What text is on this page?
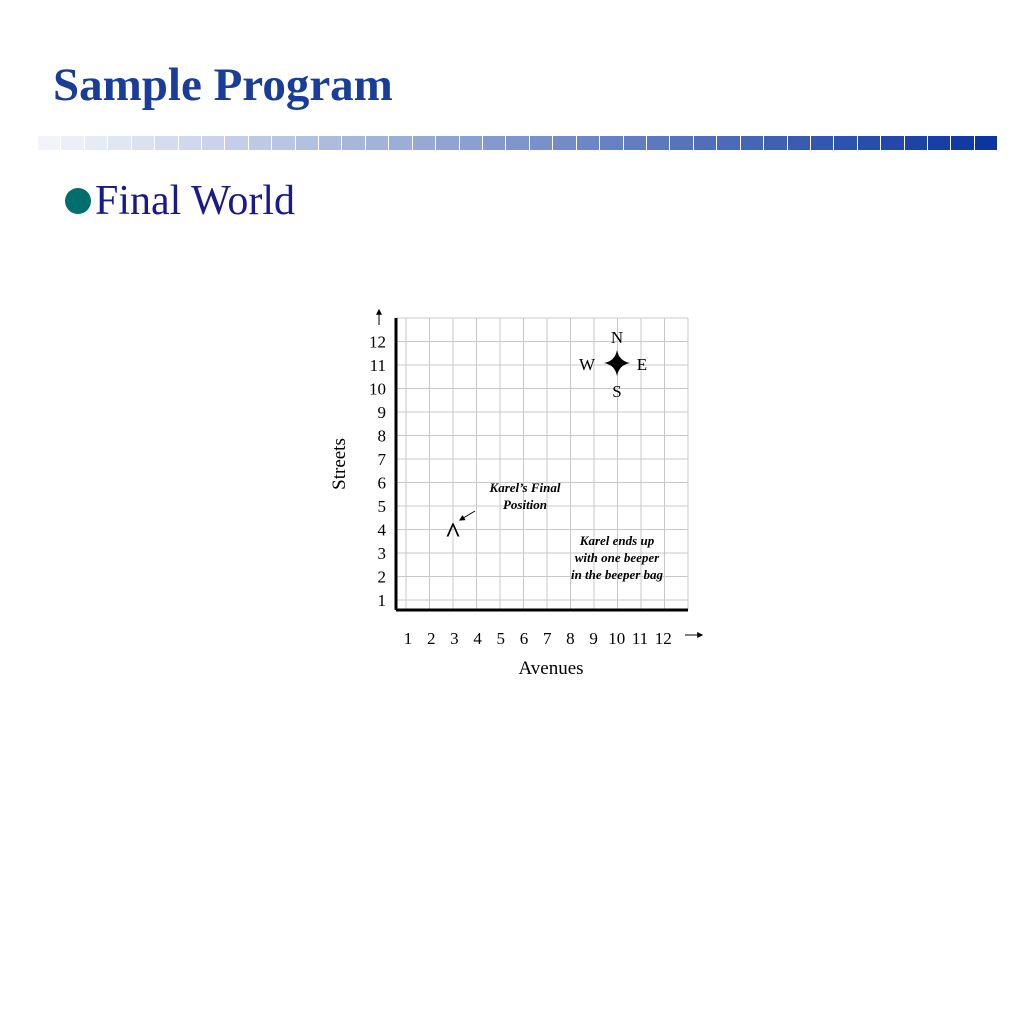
Sample Program
Final World
1
2
3
4
5
6
7
8
9
10
11
12
1 2 3 4 5 6 7 8 9 10 11 12
Avenues
Streets
N
S
W E
^
Karel’s Final
Position
Karel ends up
with one beeper
in the beeper bag
